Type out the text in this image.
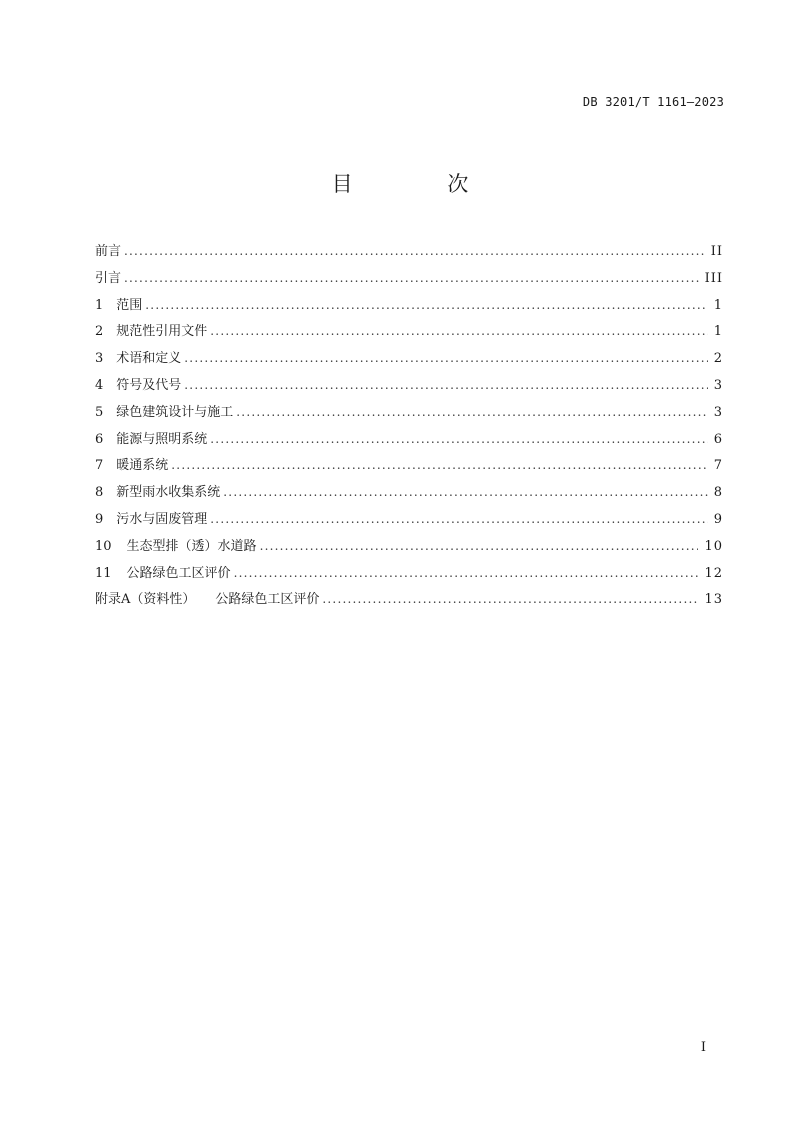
DB 3201/T 1161—2023
目 次
前言 .....	II
引言 .....	III
1 范围 .....	1
2 规范性引用文件 .....	1
3 术语和定义 .....	2
4 符号及代号 .....	3
5 绿色建筑设计与施工 .....	3
6 能源与照明系统 .....	6
7 暖通系统 .....	7
8 新型雨水收集系统 .....	8
9 污水与固废管理 .....	9
10 生态型排（透）水道路 .....	10
11 公路绿色工区评价 .....	12
附录A（资料性） 公路绿色工区评价 .....	13
I
